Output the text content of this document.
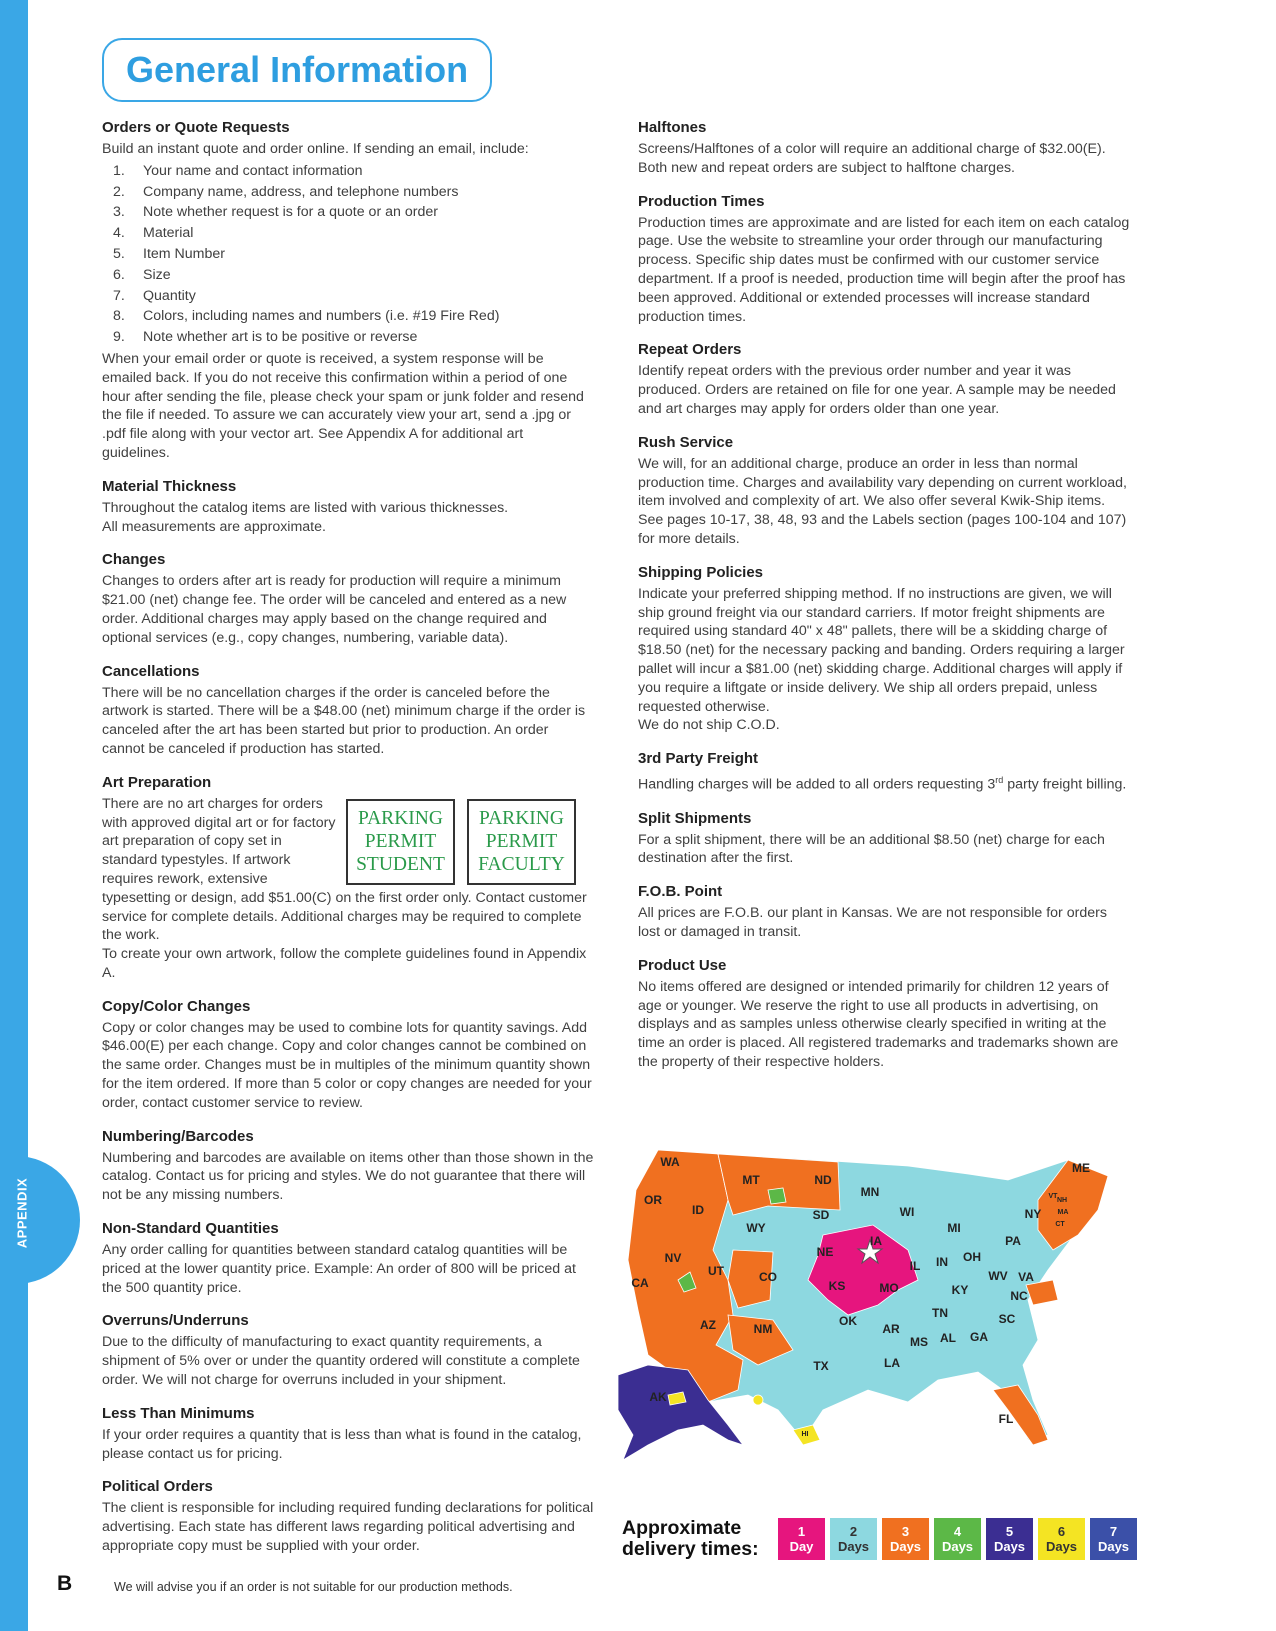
APPENDIX
General Information
Orders or Quote Requests

Build an instant quote and order online. If sending an email, include:

1.	Your name and contact information
2.	Company name, address, and telephone numbers
3.	Note whether request is for a quote or an order
4.	Material
5.	Item Number
6.	Size
7.	Quantity
8.	Colors, including names and numbers (i.e. #19 Fire Red)
9.	Note whether art is to be positive or reverse

When your email order or quote is received, a system response will be emailed back. If you do not receive this confirmation within a period of one hour after sending the file, please check your spam or junk folder and resend the file if needed. To assure we can accurately view your art, send a .jpg or .pdf file along with your vector art. See Appendix A for additional art guidelines.

Material Thickness

Throughout the catalog items are listed with various thicknesses.

All measurements are approximate.

Changes

Changes to orders after art is ready for production will require a minimum $21.00 (net) change fee. The order will be canceled and entered as a new order. Additional charges may apply based on the change required and optional services (e.g., copy changes, numbering, variable data).

Cancellations

There will be no cancellation charges if the order is canceled before the artwork is started. There will be a $48.00 (net) minimum charge if the order is canceled after the art has been started but prior to production. An order cannot be canceled if production has started.

Art Preparation
PARKING
PERMIT
STUDENT
PARKING
PERMIT
FACULTY

There are no art charges for orders with approved digital art or for factory art preparation of copy set in standard typestyles. If artwork requires rework, extensive typesetting or design, add $51.00(C) on the first order only. Contact customer service for complete details. Additional charges may be required to complete the work.

To create your own artwork, follow the complete guidelines found in Appendix A.

Copy/Color Changes

Copy or color changes may be used to combine lots for quantity savings. Add $46.00(E) per each change. Copy and color changes cannot be combined on the same order. Changes must be in multiples of the minimum quantity shown for the item ordered. If more than 5 color or copy changes are needed for your order, contact customer service to review.

Numbering/Barcodes

Numbering and barcodes are available on items other than those shown in the catalog. Contact us for pricing and styles. We do not guarantee that there will not be any missing numbers.

Non-Standard Quantities

Any order calling for quantities between standard catalog quantities will be priced at the lower quantity price. Example: An order of 800 will be priced at the 500 quantity price.

Overruns/Underruns

Due to the difficulty of manufacturing to exact quantity requirements, a shipment of 5% over or under the quantity ordered will constitute a complete order. We will not charge for overruns included in your shipment.

Less Than Minimums

If your order requires a quantity that is less than what is found in the catalog, please contact us for pricing.

Political Orders

The client is responsible for including required funding declarations for political advertising. Each state has different laws regarding political advertising and appropriate copy must be supplied with your order.

Halftones

Screens/Halftones of a color will require an additional charge of $32.00(E). Both new and repeat orders are subject to halftone charges.

Production Times

Production times are approximate and are listed for each item on each catalog page. Use the website to streamline your order through our manufacturing process. Specific ship dates must be confirmed with our customer service department. If a proof is needed, production time will begin after the proof has been approved. Additional or extended processes will increase standard production times.

Repeat Orders

Identify repeat orders with the previous order number and year it was produced. Orders are retained on file for one year. A sample may be needed and art charges may apply for orders older than one year.

Rush Service

We will, for an additional charge, produce an order in less than normal production time. Charges and availability vary depending on current workload, item involved and complexity of art. We also offer several Kwik-Ship items. See pages 10-17, 38, 48, 93 and the Labels section (pages 100-104 and 107) for more details.

Shipping Policies

Indicate your preferred shipping method. If no instructions are given, we will ship ground freight via our standard carriers. If motor freight shipments are required using standard 40" x 48" pallets, there will be a skidding charge of $18.50 (net) for the necessary packing and banding. Orders requiring a larger pallet will incur a $81.00 (net) skidding charge. Additional charges will apply if you require a liftgate or inside delivery. We ship all orders prepaid, unless requested otherwise.

We do not ship C.O.D.

3rd Party Freight

Handling charges will be added to all orders requesting 3rd party freight billing.

Split Shipments

For a split shipment, there will be an additional $8.50 (net) charge for each destination after the first.

F.O.B. Point

All prices are F.O.B. our plant in Kansas. We are not responsible for orders lost or damaged in transit.

Product Use

No items offered are designed or intended primarily for children 12 years of age or younger. We reserve the right to use all products in advertising, on displays and as samples unless otherwise clearly specified in writing at the time an order is placed. All registered trademarks and trademarks shown are the property of their respective holders.

WA
OR
CA
ID
NV
MT
WY
UT
AZ
CO
NM
ND
SD
NE
KS
OK
TX
MN
IA
MO
AR
LA
WI
IL
MI
IN OH
KY
TN
MS AL GA
FL
SC
NC
VA
WV
PA
NY
ME
VT
NH
MA
CT
AK
HI
Approximate
delivery times:
1
Day
2
Days
3
Days
4
Days
5
Days
6
Days
7
Days
B	We will advise you if an order is not suitable for our production methods.
